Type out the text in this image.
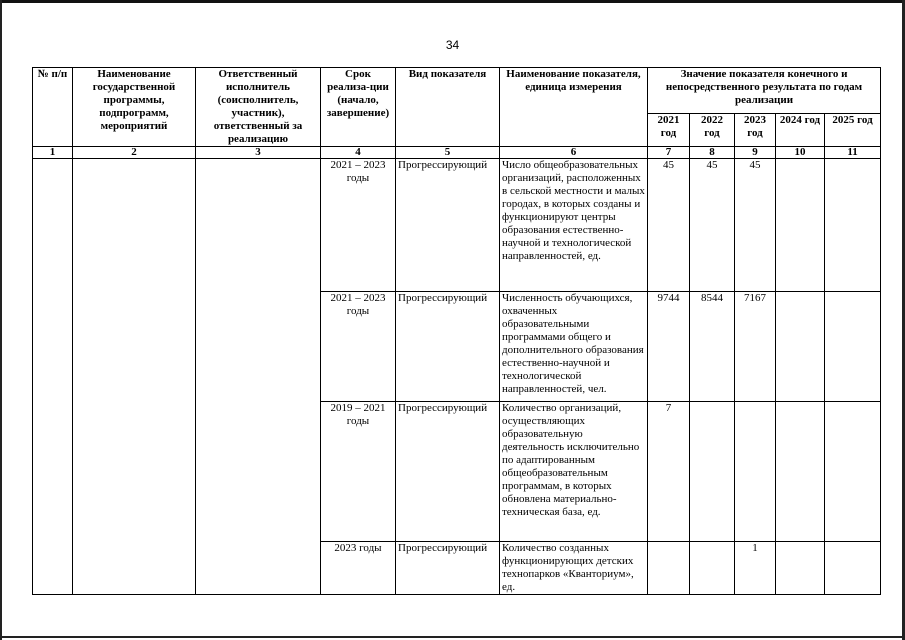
34
№ п/п	Наименование государственной программы, подпрограмм, мероприятий	Ответственный исполнитель (соисполнитель, участник), ответственный за реализацию	Срок реализа-ции (начало, завершение)	Вид показателя	Наименование показателя, единица измерения	Значение показателя конечного и непосредственного результата по годам реализации				
						2021 год	2022 год	2023 год	2024 год	2025 год
1	2	3	4	5	6	7	8	9	10	11
			2021 – 2023 годы	Прогрессирующий	Число общеобразовательных организаций, расположенных в сельской местности и малых городах, в которых созданы и функционируют центры образования естественно-научной и технологической направленностей, ед.	45	45	45		
			2021 – 2023 годы	Прогрессирующий	Численность обучающихся, охваченных образовательными программами общего и дополнительного образования естественно-научной и технологической направленностей, чел.	9744	8544	7167		
			2019 – 2021 годы	Прогрессирующий	Количество организаций, осуществляющих образовательную деятельность исключительно по адаптированным общеобразовательным программам, в которых обновлена материально-техническая база, ед.	7				
			2023 годы	Прогрессирующий	Количество созданных функционирующих детских технопарков «Кванториум», ед.			1		
